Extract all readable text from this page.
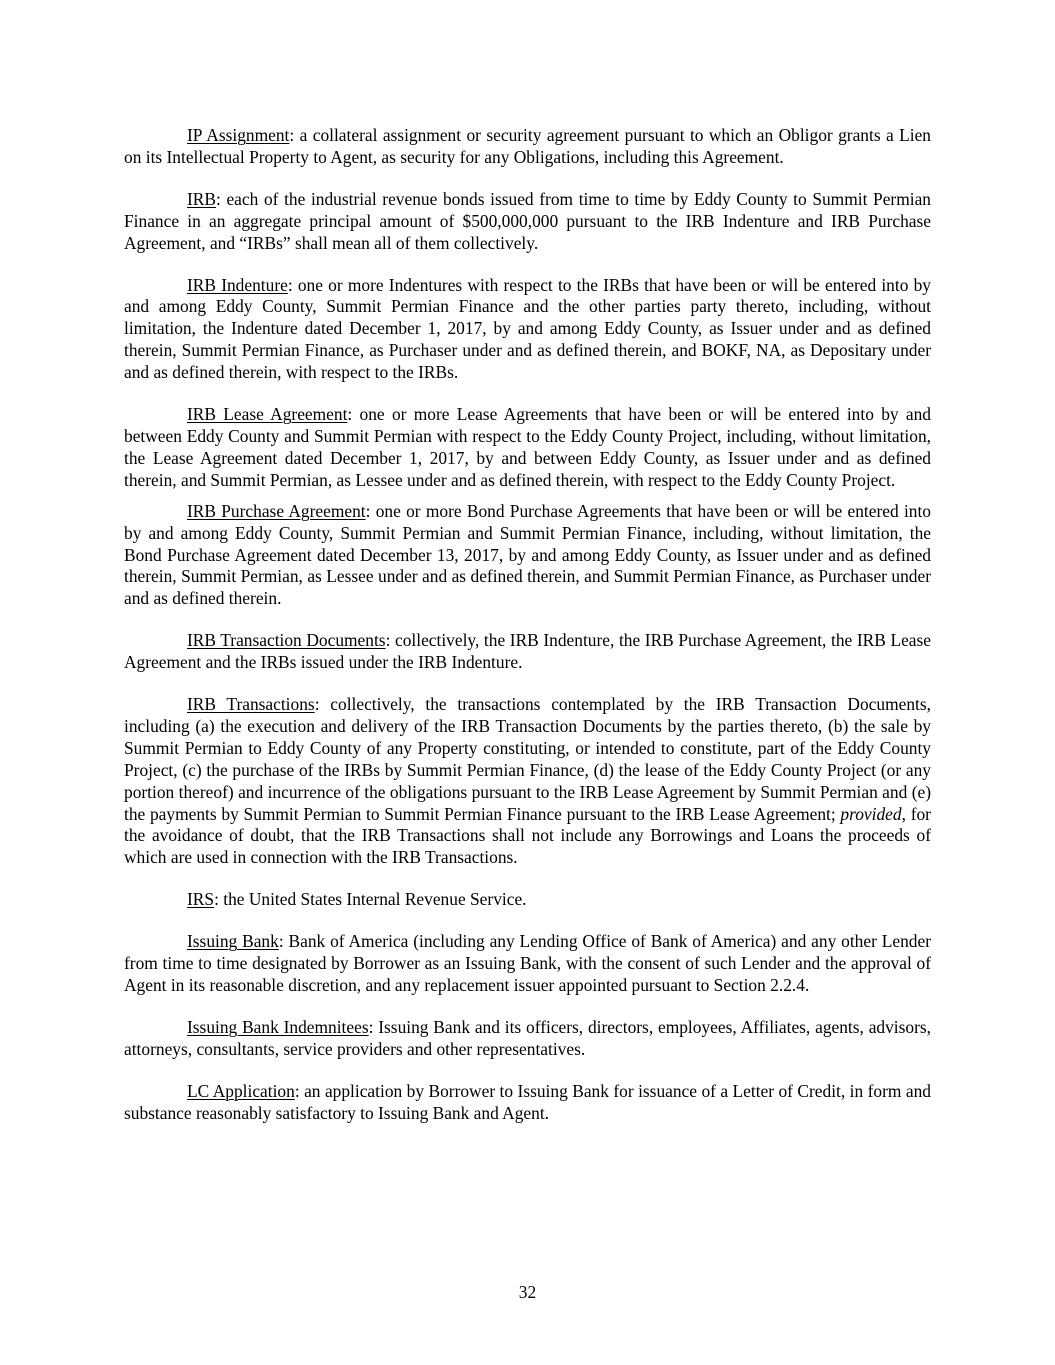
IP Assignment: a collateral assignment or security agreement pursuant to which an Obligor grants a Lien on its Intellectual Property to Agent, as security for any Obligations, including this Agreement.

IRB: each of the industrial revenue bonds issued from time to time by Eddy County to Summit Permian Finance in an aggregate principal amount of $500,000,000 pursuant to the IRB Indenture and IRB Purchase Agreement, and “IRBs” shall mean all of them collectively.

IRB Indenture: one or more Indentures with respect to the IRBs that have been or will be entered into by and among Eddy County, Summit Permian Finance and the other parties party thereto, including, without limitation, the Indenture dated December 1, 2017, by and among Eddy County, as Issuer under and as defined therein, Summit Permian Finance, as Purchaser under and as defined therein, and BOKF, NA, as Depositary under and as defined therein, with respect to the IRBs.

IRB Lease Agreement: one or more Lease Agreements that have been or will be entered into by and between Eddy County and Summit Permian with respect to the Eddy County Project, including, without limitation, the Lease Agreement dated December 1, 2017, by and between Eddy County, as Issuer under and as defined therein, and Summit Permian, as Lessee under and as defined therein, with respect to the Eddy County Project.

IRB Purchase Agreement: one or more Bond Purchase Agreements that have been or will be entered into by and among Eddy County, Summit Permian and Summit Permian Finance, including, without limitation, the Bond Purchase Agreement dated December 13, 2017, by and among Eddy County, as Issuer under and as defined therein, Summit Permian, as Lessee under and as defined therein, and Summit Permian Finance, as Purchaser under and as defined therein.

IRB Transaction Documents: collectively, the IRB Indenture, the IRB Purchase Agreement, the IRB Lease Agreement and the IRBs issued under the IRB Indenture.

IRB Transactions: collectively, the transactions contemplated by the IRB Transaction Documents, including (a) the execution and delivery of the IRB Transaction Documents by the parties thereto, (b) the sale by Summit Permian to Eddy County of any Property constituting, or intended to constitute, part of the Eddy County Project, (c) the purchase of the IRBs by Summit Permian Finance, (d) the lease of the Eddy County Project (or any portion thereof) and incurrence of the obligations pursuant to the IRB Lease Agreement by Summit Permian and (e) the payments by Summit Permian to Summit Permian Finance pursuant to the IRB Lease Agreement; provided, for the avoidance of doubt, that the IRB Transactions shall not include any Borrowings and Loans the proceeds of which are used in connection with the IRB Transactions.

IRS: the United States Internal Revenue Service.

Issuing Bank: Bank of America (including any Lending Office of Bank of America) and any other Lender from time to time designated by Borrower as an Issuing Bank, with the consent of such Lender and the approval of Agent in its reasonable discretion, and any replacement issuer appointed pursuant to Section 2.2.4.

Issuing Bank Indemnitees: Issuing Bank and its officers, directors, employees, Affiliates, agents, advisors, attorneys, consultants, service providers and other representatives.

LC Application: an application by Borrower to Issuing Bank for issuance of a Letter of Credit, in form and substance reasonably satisfactory to Issuing Bank and Agent.

32
